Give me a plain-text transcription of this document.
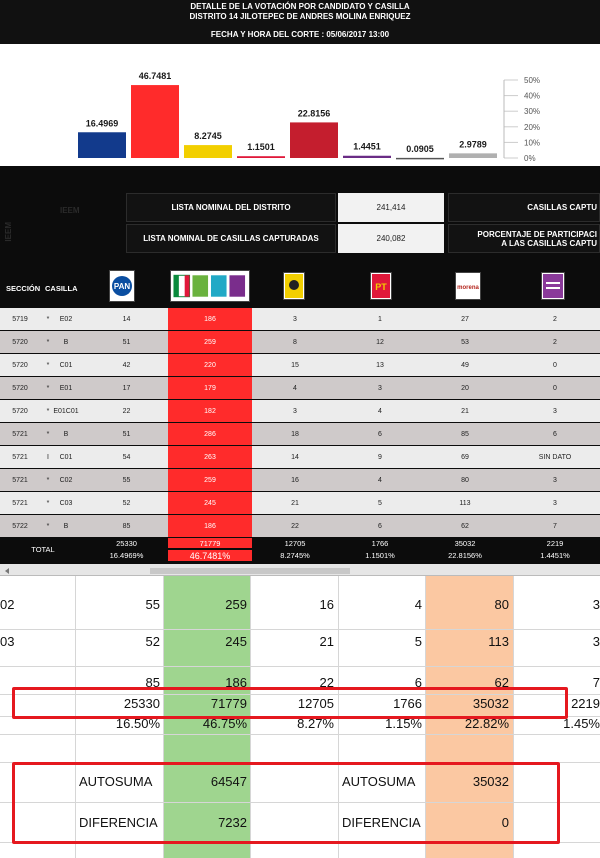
DETALLE DE LA VOTACIÓN POR CANDIDATO Y CASILLA
DISTRITO 14 JILOTEPEC DE ANDRES MOLINA ENRIQUEZ
FECHA Y HORA DEL CORTE : 05/06/2017 13:00
16.4969
46.7481
8.2745
1.1501
22.8156
1.4451	0.0905	2.9789
50%
40%
30%
20%
10%
0%
IEEM
IEEM	LISTA NOMINAL DEL DISTRITO	241,414	CASILLAS CAPTU
LISTA NOMINAL DE CASILLAS CAPTURADAS	240,082	PORCENTAJE DE PARTICIPACI
A LAS CASILLAS CAPTU
SECCIÓN CASILLA	PAN	PT	morena
5719	*	E02	14	186	3	1	27	2
5720	*	B	51	259	8	12	53	2
5720	*	C01	42	220	15	13	49	0
5720	*	E01	17	179	4	3	20	0
5720	* E01C01	22	182	3	4	21	3
5721	*	B	51	286	18	6	85	6
5721	I	C01	54	263	14	9	69	SIN DATO
5721	*	C02	55	259	16	4	80	3
5721	*	C03	52	245	21	5	113	3
5722	*	B	85	186	22	6	62	7
TOTAL
25330	71779	12705	1766	35032	2219
16.4969%	46.7481%	8.2745%	1.1501%	22.8156%	1.4451%
02	55	259	16	4	80	3
03	52	245	21	5	113	3
85	186	22	6	62	7
25330	71779	12705	1766	35032	2219
16.50%	46.75%	8.27%	1.15%	22.82%	1.45%
AUTOSUMA	64547	AUTOSUMA	35032
DIFERENCIA	7232	DIFERENCIA	0
